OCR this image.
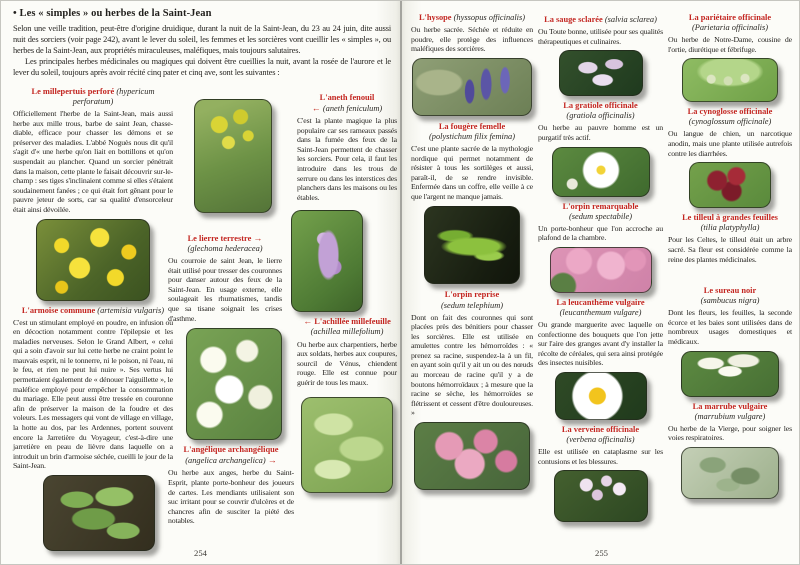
• Les « simples » ou herbes de la Saint-Jean

Selon une veille tradition, peut-être d'origine druidique, durant la nuit de la Saint-Jean, du 23 au 24 juin, dite aussi nuit des sorciers (voir page 242), avant le lever du soleil, les femmes et les sorcières vont cueillir les « simples », ou herbes de la Saint-Jean, aux propriétés miraculeuses, maléfiques, mais toujours salutaires.

Les principales herbes médicinales ou magiques qui doivent être cueillies la nuit, avant la rosée de l'aurore et le lever du soleil, toujours après avoir récité cinq pater et cinq ave, sont les suivantes :

Le millepertuis perforé (hypericum perforatum)

Officiellement l'herbe de la Saint-Jean, mais aussi herbe aux mille trous, barbe de saint Jean, chasse-diable, efficace pour chasser les démons et se préserver des maladies. L'abbé Noguès nous dit qu'il s'agit d'« une herbe qu'on liait en bottillons et qu'on suspendait au plancher. Quand un sorcier pénétrait dans la maison, cette plante le faisait découvrir sur-le-champ : ses tiges s'inclinaient comme si elles s'étaient soudainement fanées ; ce qui était fort gênant pour le pauvre jeteur de sorts, car sa qualité d'ensorceleur était ainsi dévoilée.

L'armoise commune (artemisia vulgaris)

C'est un stimulant employé en poudre, en infusion ou en décoction notamment contre l'épilepsie et les maladies nerveuses. Selon le Grand Albert, « celui qui a soin d'avoir sur lui cette herbe ne craint point le mauvais esprit, ni le tonnerre, ni le poison, ni l'eau, ni le feu, et rien ne peut lui nuire ». Ses vertus lui permettaient également de « dénouer l'aiguillette », le maléfice employé pour empêcher la consommation du mariage. Elle peut aussi être tressée en couronne afin de préserver la maison de la foudre et des voleurs. Les messagers qui vont de village en village, la hotte au dos, par les Ardennes, portent souvent encore la Jarretière du Voyageur, c'est-à-dire une jarretière en peau de lièvre dans laquelle on a introduit un brin d'armoise séchée, cueilli le jour de la Saint-Jean.

Le lierre terrestre →
(glechoma hederacea)

Ou courroie de saint Jean, le lierre était utilisé pour tresser des couronnes pour danser autour des feux de la Saint-Jean. En usage externe, elle soulageait les rhumatismes, tandis que sa tisane soignait les crises d'asthme.

L'angélique archangélique
(angelica archangelica) →

Ou herbe aux anges, herbe du Saint-Esprit, plante porte-bonheur des joueurs de cartes. Les mendiants utilisaient son suc irritant pour se couvrir d'ulcères et de chancres afin de susciter la piété des notables.

L'aneth fenouil
← (aneth feniculum)

C'est la plante magique la plus populaire car ses rameaux passés dans la fumée des feux de la Saint-Jean permettent de chasser les sorciers. Pour cela, il faut les introduire dans les trous de serrure ou dans les interstices des planchers dans les maisons ou les étables.

← L'achillée millefeuille
(achillea millefolium)

Ou herbe aux charpentiers, herbe aux soldats, herbes aux coupures, sourcil de Vénus, chiendent rouge. Elle est connue pour guérir de tous les maux.

254

L'hysope (hyssopus officinalis)

Ou herbe sacrée. Séchée et réduite en poudre, elle protège des influences maléfiques des sorcières.

La fougère femelle
(polystichum filix femina)

C'est une plante sacrée de la mythologie nordique qui permet notamment de résister à tous les sortilèges et aussi, paraît-il, de se rendre invisible. Enfermée dans un coffre, elle veille à ce que l'argent ne manque jamais.

L'orpin reprise
(sedum telephium)

Dont on fait des couronnes qui sont placées près des bénitiers pour chasser les sorcières. Elle est utilisée en amulettes contre les hémorroïdes : « prenez sa racine, suspendez-la à un fil, en ayant soin qu'il y ait un ou des nœuds au morceau de racine qu'il y a de boutons hémorroïdaux ; à mesure que la racine se sèche, les hémorroïdes se flétrissent et cessent d'être douloureuses. »

La sauge sclarée (salvia sclarea)

Ou Toute bonne, utilisée pour ses qualités thérapeutiques et culinaires.

La gratiole officinale
(gratiola officinalis)

Ou herbe au pauvre homme est un purgatif très actif.

L'orpin remarquable
(sedum spectabile)

Un porte-bonheur que l'on accroche au plafond de la chambre.

La leucanthème vulgaire (leucanthemum vulgare)

Ou grande marguerite avec laquelle on confectionne des bouquets que l'on jette sur l'aire des granges avant d'y installer la récolte de céréales, qui sera ainsi protégée des insectes nuisibles.

La verveine officinale
(verbena officinalis)

Elle est utilisée en cataplasme sur les contusions et les blessures.

La pariétaire officinale
(Parietaria officinalis)

Ou herbe de Notre-Dame, cousine de l'ortie, diurétique et fébrifuge.

La cynoglosse officinale
(cynoglossum officinale)

Ou langue de chien, un narcotique anodin, mais une plante utilisée autrefois contre les diarrhées.

Le tilleul à grandes feuilles
(tilia platyphylla)

Pour les Celtes, le tilleul était un arbre sacré. Sa fleur est considérée comme la reine des plantes médicinales.

Le sureau noir
(sambucus nigra)

Dont les fleurs, les feuilles, la seconde écorce et les baies sont utilisées dans de nombreux usages domestiques et médicaux.

La marrube vulgaire
(marrubium vulgare)

Ou herbe de la Vierge, pour soigner les voies respiratoires.

255
